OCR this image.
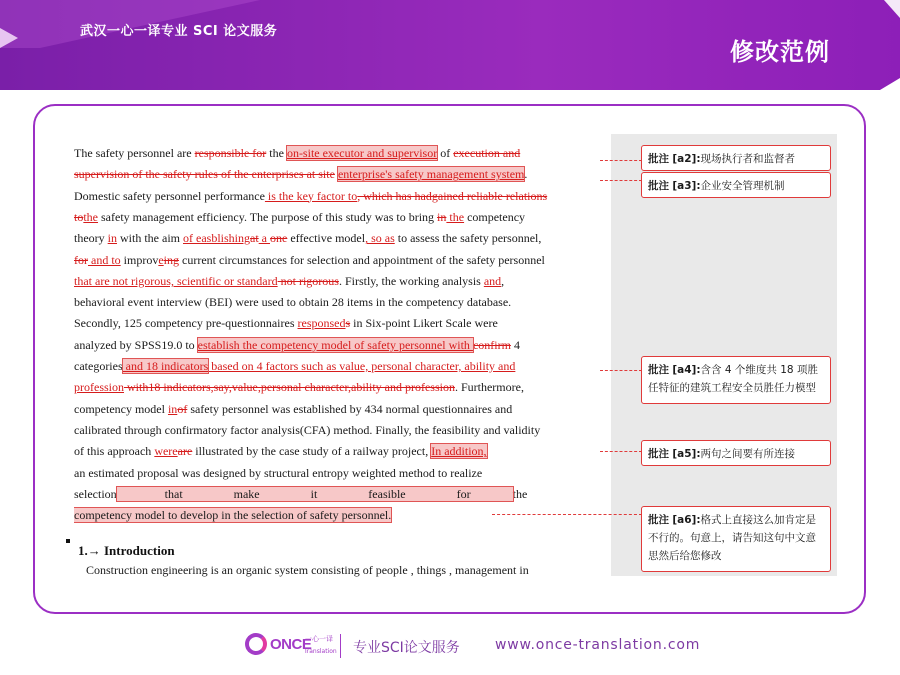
武汉一心一译专业 SCI 论文服务
修改范例
The safety personnel are responsible for the on-site executor and supervisor of execution and
supervision of the safety rules of the enterprises at site enterprise's safety management system.
Domestic safety personnel performance is the key factor to, which has hadgained reliable relations
tothe safety management efficiency. The purpose of this study was to bring in the competency
theory in with the aim of easblishingat a one effective model, so as to assess the safety personnel,
for and to improveing current circumstances for selection and appointment of the safety personnel
that are not rigorous, scientific or standard not rigorous. Firstly, the working analysis and,
behavioral event interview (BEI) were used to obtain 28 items in the competency database.
Secondly, 125 competency pre-questionnaires responseds in Six-point Likert Scale were
analyzed by SPSS19.0 to establish the competency model of safety personnel with confirm 4
categories and 18 indicators based on 4 factors such as value, personal character, ability and
profession with18 indicators,say,value,personal character,ability and profession. Furthermore,
competency model inof safety personnel was established by 434 normal questionnaires and
calibrated through confirmatory factor analysis(CFA) method. Finally, the feasibility and validity
of this approach wereare illustrated by the case study of a railway project, In addition,
an estimated proposal was designed by structural entropy weighted method to realize
selection                that                 make                 it                 feasible                 for              the
competency model to develop in the selection of safety personnel.
批注 [a2]:现场执行者和监督者
批注 [a3]:企业安全管理机制
批注 [a4]:含含 4 个维度共 18 项胜任特征的建筑工程安全员胜任力模型
批注 [a5]:两句之间要有所连接
批注 [a6]:格式上直接这么加肯定是不行的。句意上，请告知这句中文意思然后给您修改
1.→ Introduction
Construction engineering is an organic system consisting of people , things , management in
ONCE
一心一译
Translation 专业SCI论文服务	www.once-translation.com
